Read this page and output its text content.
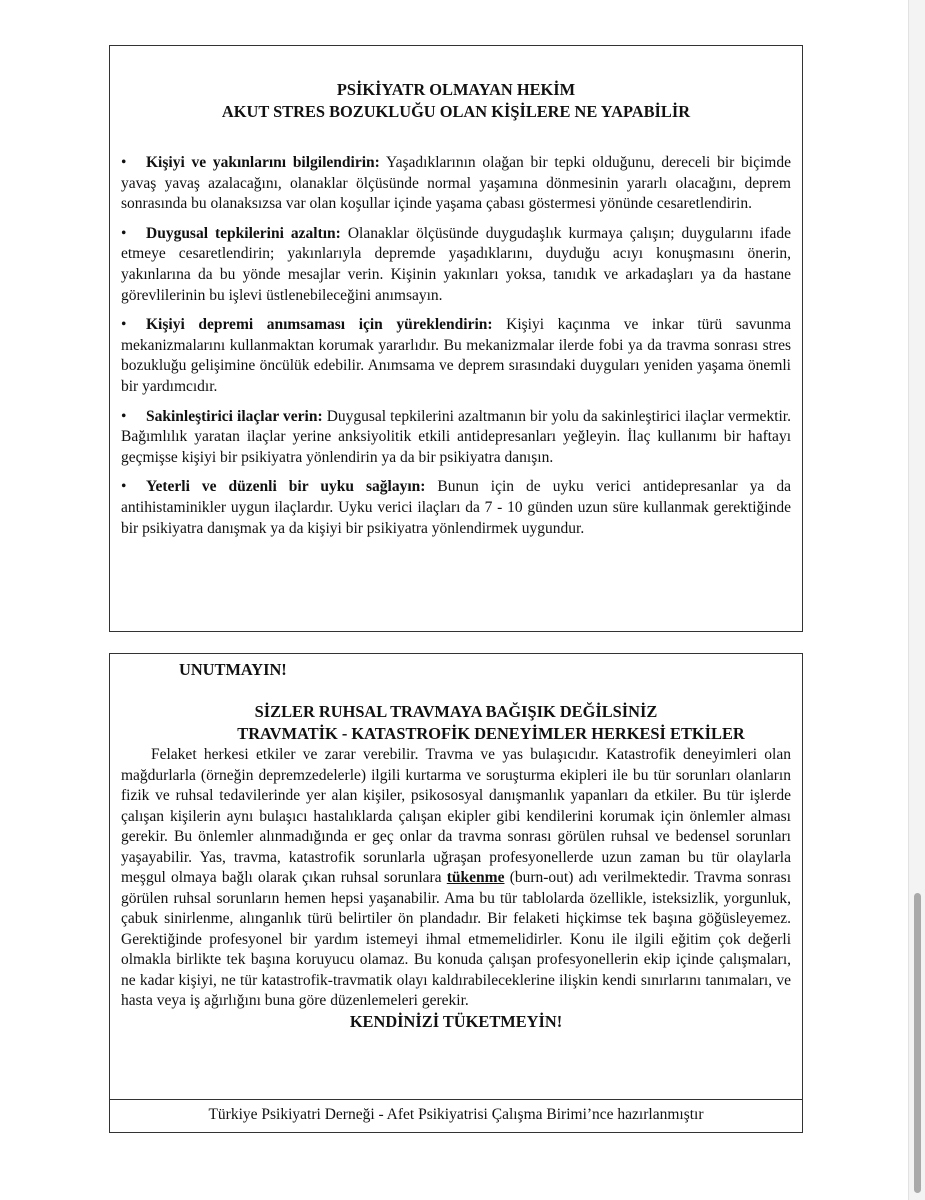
PSİKİYATR OLMAYAN HEKİM

AKUT STRES BOZUKLUĞU OLAN KİŞİLERE NE YAPABİLİR

• Kişiyi ve yakınlarını bilgilendirin: Yaşadıklarının olağan bir tepki olduğunu, dereceli bir biçimde yavaş yavaş azalacağını, olanaklar ölçüsünde normal yaşamına dönmesinin yararlı olacağını, deprem sonrasında bu olanaksızsa var olan koşullar içinde yaşama çabası göstermesi yönünde cesaretlendirin.

• Duygusal tepkilerini azaltın: Olanaklar ölçüsünde duygudaşlık kurmaya çalışın; duygularını ifade etmeye cesaretlendirin; yakınlarıyla depremde yaşadıklarını, duyduğu acıyı konuşmasını önerin, yakınlarına da bu yönde mesajlar verin. Kişinin yakınları yoksa, tanıdık ve arkadaşları ya da hastane görevlilerinin bu işlevi üstlenebileceğini anımsayın.

• Kişiyi depremi anımsaması için yüreklendirin: Kişiyi kaçınma ve inkar türü savunma mekanizmalarını kullanmaktan korumak yararlıdır. Bu mekanizmalar ilerde fobi ya da travma sonrası stres bozukluğu gelişimine öncülük edebilir. Anımsama ve deprem sırasındaki duyguları yeniden yaşama önemli bir yardımcıdır.

• Sakinleştirici ilaçlar verin: Duygusal tepkilerini azaltmanın bir yolu da sakinleştirici ilaçlar vermektir. Bağımlılık yaratan ilaçlar yerine anksiyolitik etkili antidepresanları yeğleyin. İlaç kullanımı bir haftayı geçmişse kişiyi bir psikiyatra yönlendirin ya da bir psikiyatra danışın.

• Yeterli ve düzenli bir uyku sağlayın: Bunun için de uyku verici antidepresanlar ya da antihistaminikler uygun ilaçlardır. Uyku verici ilaçları da 7 - 10 günden uzun süre kullanmak gerektiğinde bir psikiyatra danışmak ya da kişiyi bir psikiyatra yönlendirmek uygundur.

UNUTMAYIN!

SİZLER RUHSAL TRAVMAYA BAĞIŞIK DEĞİLSİNİZ

TRAVMATİK - KATASTROFİK DENEYİMLER HERKESİ ETKİLER

Felaket herkesi etkiler ve zarar verebilir. Travma ve yas bulaşıcıdır. Katastrofik deneyimleri olan mağdurlarla (örneğin depremzedelerle) ilgili kurtarma ve soruşturma ekipleri ile bu tür sorunları olanların fizik ve ruhsal tedavilerinde yer alan kişiler, psikososyal danışmanlık yapanları da etkiler. Bu tür işlerde çalışan kişilerin aynı bulaşıcı hastalıklarda çalışan ekipler gibi kendilerini korumak için önlemler alması gerekir. Bu önlemler alınmadığında er geç onlar da travma sonrası görülen ruhsal ve bedensel sorunları yaşayabilir. Yas, travma, katastrofik sorunlarla uğraşan profesyonellerde uzun zaman bu tür olaylarla meşgul olmaya bağlı olarak çıkan ruhsal sorunlara tükenme (burn-out) adı verilmektedir. Travma sonrası görülen ruhsal sorunların hemen hepsi yaşanabilir. Ama bu tür tablolarda özellikle, isteksizlik, yorgunluk, çabuk sinirlenme, alınganlık türü belirtiler ön plandadır. Bir felaketi hiçkimse tek başına göğüsleyemez. Gerektiğinde profesyonel bir yardım istemeyi ihmal etmemelidirler. Konu ile ilgili eğitim çok değerli olmakla birlikte tek başına koruyucu olamaz. Bu konuda çalışan profesyonellerin ekip içinde çalışmaları, ne kadar kişiyi, ne tür katastrofik-travmatik olayı kaldırabileceklerine ilişkin kendi sınırlarını tanımaları, ve hasta veya iş ağırlığını buna göre düzenlemeleri gerekir.

KENDİNİZİ TÜKETMEYİN!

Türkiye Psikiyatri Derneği - Afet Psikiyatrisi Çalışma Birimi’nce hazırlanmıştır
